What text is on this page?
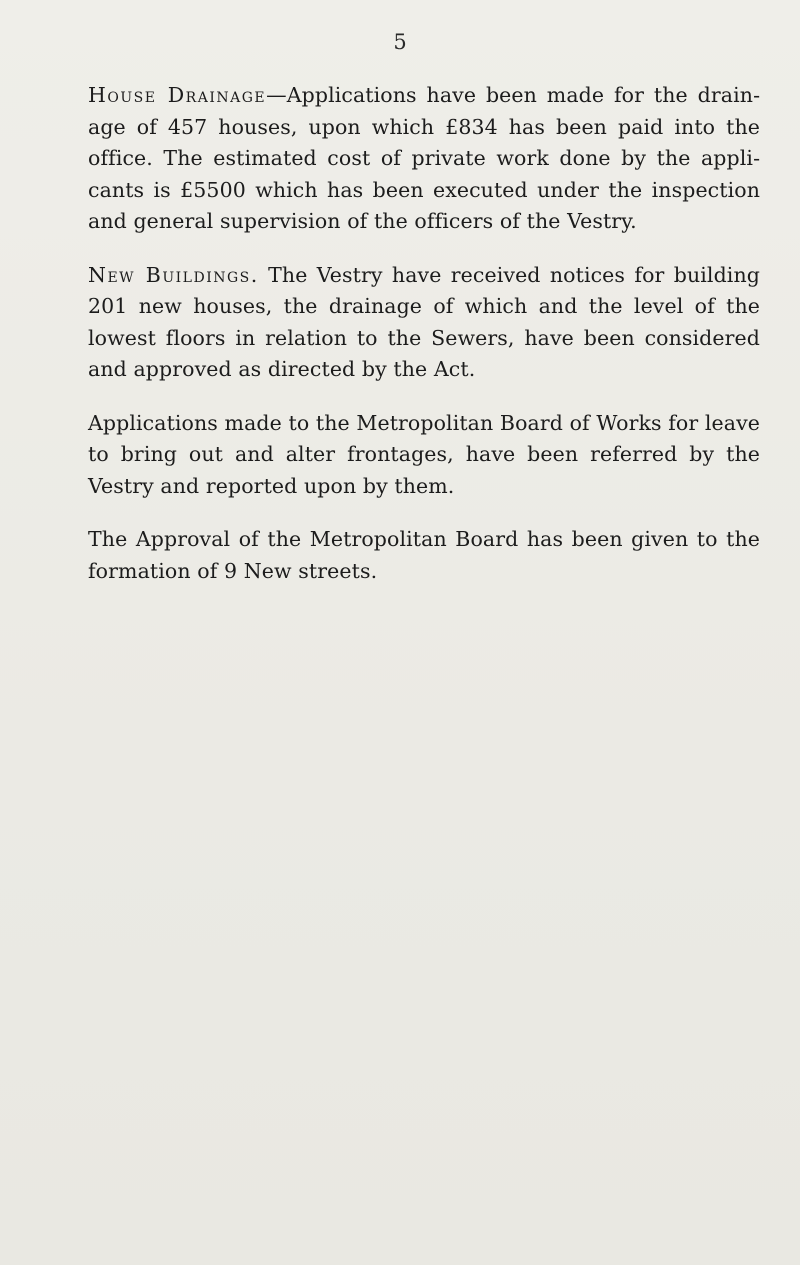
5

House Drainage—Applications have been made for the drainage of 457 houses, upon which £834 has been paid into the office. The estimated cost of private work done by the applicants is £5500 which has been executed under the inspection and general supervision of the officers of the Vestry.

New Buildings. The Vestry have received notices for building 201 new houses, the drainage of which and the level of the lowest floors in relation to the Sewers, have been considered and approved as directed by the Act.

Applications made to the Metropolitan Board of Works for leave to bring out and alter frontages, have been referred by the Vestry and reported upon by them.

The Approval of the Metropolitan Board has been given to the formation of 9 New streets.
